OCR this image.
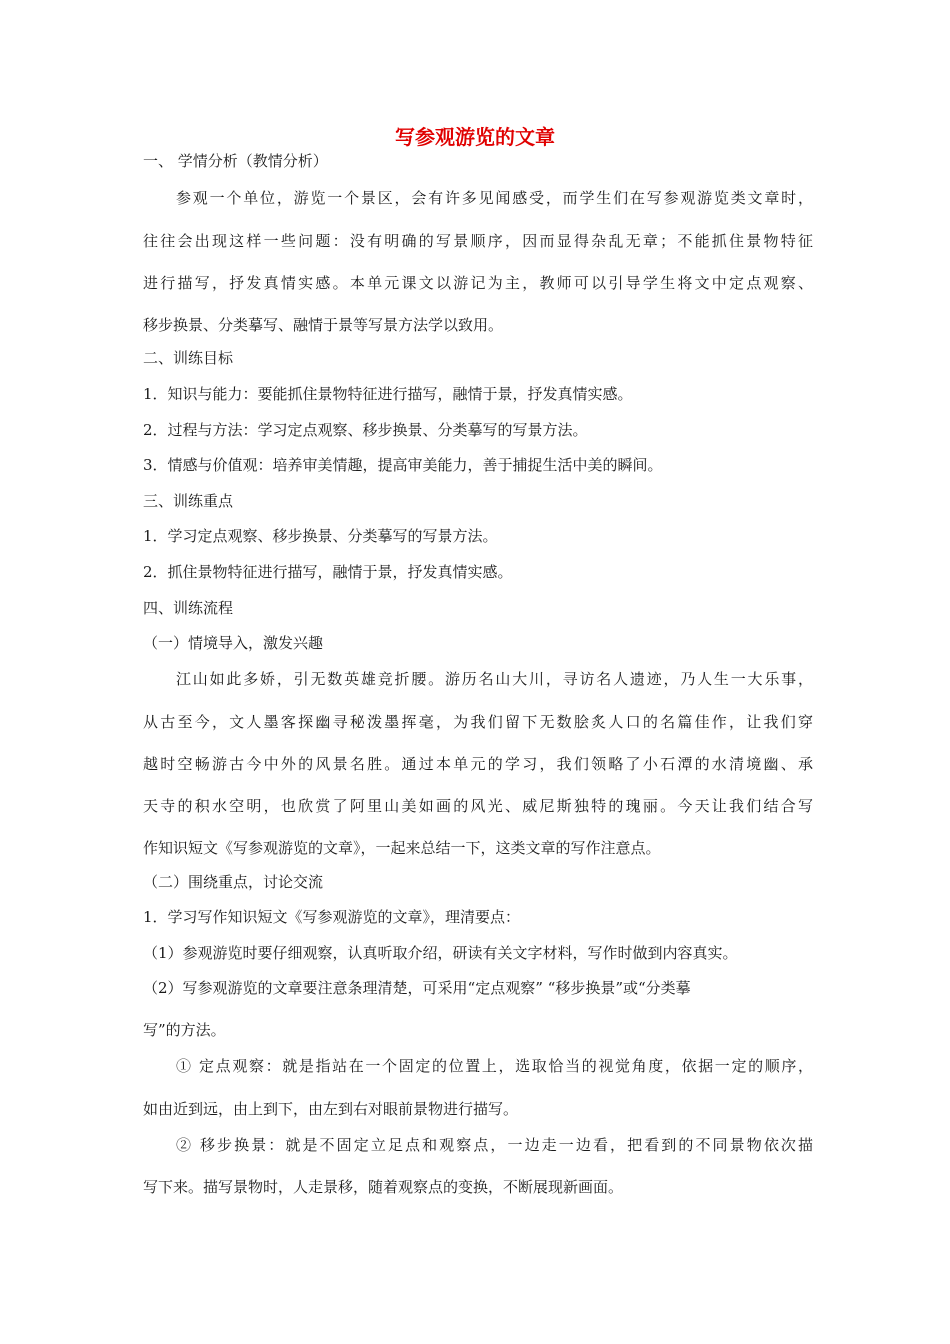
写参观游览的文章
一、 学情分析（教情分析）
参观一个单位，游览一个景区，会有许多见闻感受，而学生们在写参观游览类文章时，
往往会出现这样一些问题：没有明确的写景顺序，因而显得杂乱无章；不能抓住景物特征
进行描写，抒发真情实感。本单元课文以游记为主，教师可以引导学生将文中定点观察、
移步换景、分类摹写、融情于景等写景方法学以致用。
二、训练目标
1．知识与能力：要能抓住景物特征进行描写，融情于景，抒发真情实感。
2．过程与方法：学习定点观察、移步换景、分类摹写的写景方法。
3．情感与价值观：培养审美情趣，提高审美能力，善于捕捉生活中美的瞬间。
三、训练重点
1．学习定点观察、移步换景、分类摹写的写景方法。
2．抓住景物特征进行描写，融情于景，抒发真情实感。
四、训练流程
（一）情境导入，激发兴趣
江山如此多娇，引无数英雄竞折腰。游历名山大川，寻访名人遗迹，乃人生一大乐事，
从古至今，文人墨客探幽寻秘泼墨挥毫，为我们留下无数脍炙人口的名篇佳作，让我们穿
越时空畅游古今中外的风景名胜。通过本单元的学习，我们领略了小石潭的水清境幽、承
天寺的积水空明，也欣赏了阿里山美如画的风光、威尼斯独特的瑰丽。今天让我们结合写
作知识短文《写参观游览的文章》，一起来总结一下，这类文章的写作注意点。
（二）围绕重点，讨论交流
1．学习写作知识短文《写参观游览的文章》，理清要点：
（1）参观游览时要仔细观察，认真听取介绍，研读有关文字材料，写作时做到内容真实。
（2）写参观游览的文章要注意条理清楚，可采用“定点观察” “移步换景”或“分类摹
写”的方法。
① 定点观察：就是指站在一个固定的位置上，选取恰当的视觉角度，依据一定的顺序，
如由近到远，由上到下，由左到右对眼前景物进行描写。
② 移步换景：就是不固定立足点和观察点，一边走一边看，把看到的不同景物依次描
写下来。描写景物时，人走景移，随着观察点的变换，不断展现新画面。
